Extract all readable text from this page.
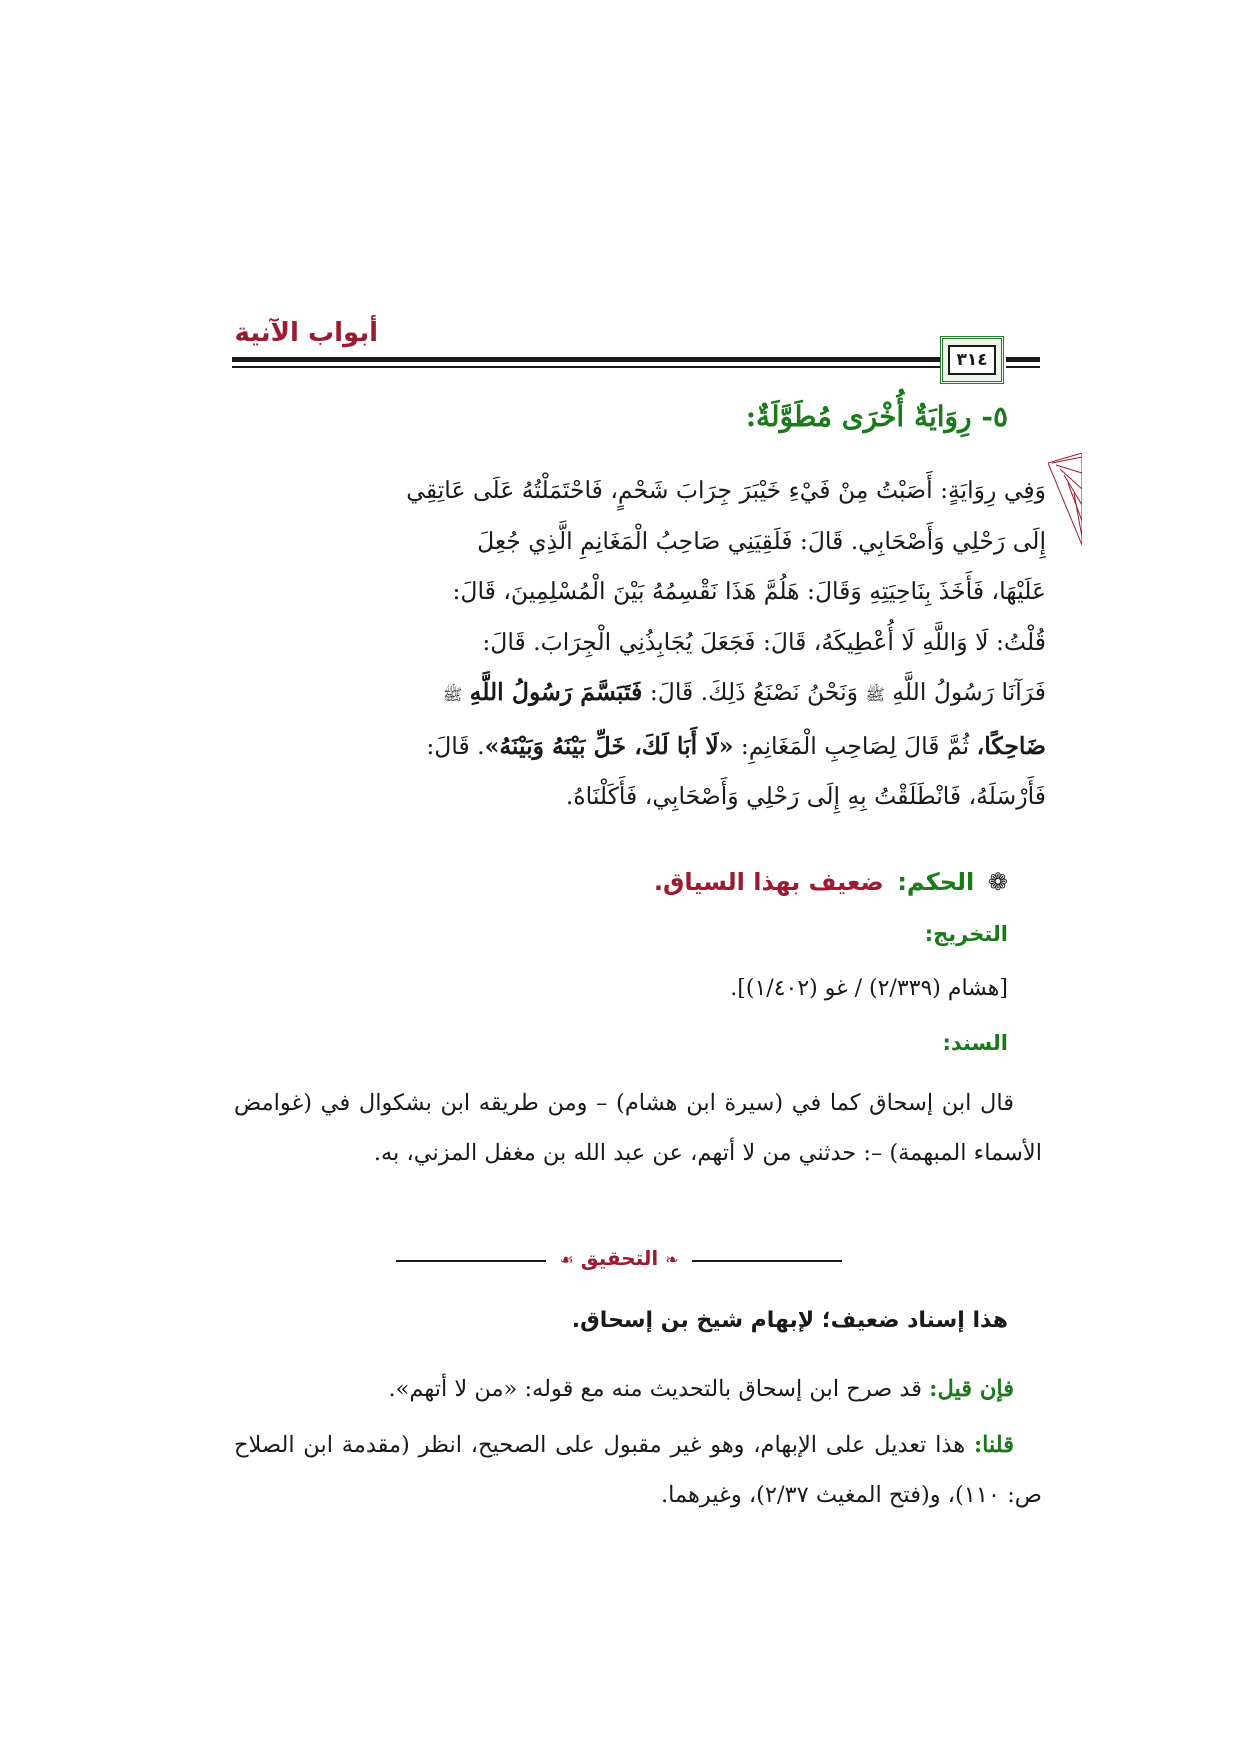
أبواب الآنية
٣١٤
٥- رِوَايَةٌ أُخْرَى مُطَوَّلَةٌ:

وَفِي رِوَايَةٍ: أَصَبْتُ مِنْ فَيْءِ خَيْبَرَ جِرَابَ شَحْمٍ، فَاحْتَمَلْتُهُ عَلَى عَاتِقِي
إِلَى رَحْلِي وَأَصْحَابِي. قَالَ: فَلَقِيَنِي صَاحِبُ الْمَغَانِمِ الَّذِي جُعِلَ
عَلَيْهَا، فَأَخَذَ بِنَاحِيَتِهِ وَقَالَ: هَلُمَّ هَذَا نَقْسِمُهُ بَيْنَ الْمُسْلِمِينَ، قَالَ:
قُلْتُ: لَا وَاللَّهِ لَا أُعْطِيكَهُ، قَالَ: فَجَعَلَ يُجَابِذُنِي الْجِرَابَ. قَالَ:
فَرَآنَا رَسُولُ اللَّهِ ﷺ وَنَحْنُ نَصْنَعُ ذَلِكَ. قَالَ: فَتَبَسَّمَ رَسُولُ اللَّهِ ﷺ
ضَاحِكًا، ثُمَّ قَالَ لِصَاحِبِ الْمَغَانِمِ: «لَا أَبَا لَكَ، خَلِّ بَيْنَهُ وَبَيْنَهُ». قَالَ:
فَأَرْسَلَهُ، فَانْطَلَقْتُ بِهِ إِلَى رَحْلِي وَأَصْحَابِي، فَأَكَلْنَاهُ.

❁ الحكم: ضعيف بهذا السياق.
التخريج:
[هشام (٢/٣٣٩) / غو (١/٤٠٢)].
السند:

قال ابن إسحاق كما في (سيرة ابن هشام) – ومن طريقه ابن بشكوال في (غوامض الأسماء المبهمة) –: حدثني من لا أتهم، عن عبد الله بن مغفل المزني، به.

❧ التحقيق ☙
هذا إسناد ضعيف؛ لإبهام شيخ بن إسحاق.

فإن قيل: قد صرح ابن إسحاق بالتحديث منه مع قوله: «من لا أتهم».

قلنا: هذا تعديل على الإبهام، وهو غير مقبول على الصحيح، انظر (مقدمة ابن الصلاح ص: ١١٠)، و(فتح المغيث ٢/٣٧)، وغيرهما.
